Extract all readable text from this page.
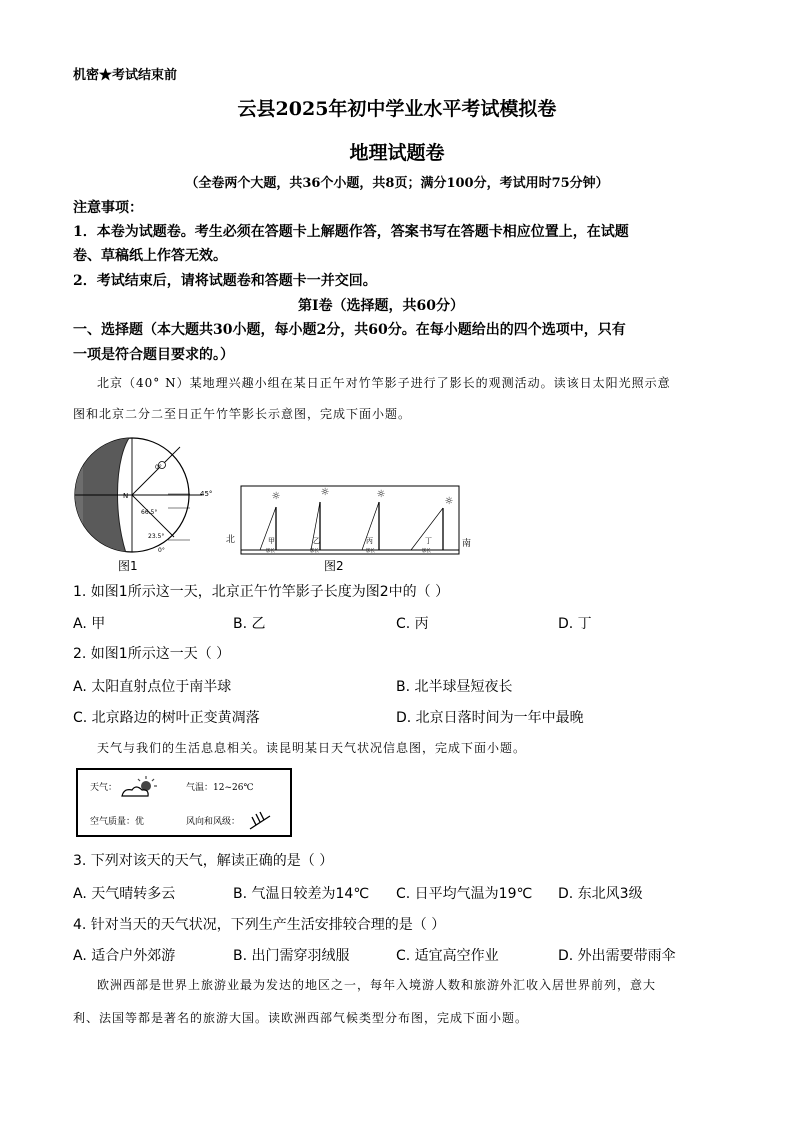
机密★考试结束前
云县2025年初中学业水平考试模拟卷
地理试题卷
（全卷两个大题，共36个小题，共8页；满分100分，考试用时75分钟）
注意事项：
1．本卷为试题卷。考生必须在答题卡上解题作答，答案书写在答题卡相应位置上，在试题
卷、草稿纸上作答无效。
2．考试结束后，请将试题卷和答题卡一并交回。
第Ⅰ卷（选择题，共60分）
一、选择题（本大题共30小题，每小题2分，共60分。在每小题给出的四个选项中，只有
一项是符合题目要求的。）
北京（40° N）某地理兴趣小组在某日正午对竹竿影子进行了影长的观测活动。读该日太阳光照示意
图和北京二分二至日正午竹竿影长示意图，完成下面小题。
0°
45°
N
66.5°
23.5°
0°
图1
☼	☼	☼
☼
甲
影长
乙
影长
丙
影长
丁
影长
北	南
图2
1. 如图1所示这一天，北京正午竹竿影子长度为图2中的（ ）
A. 甲	B. 乙	C. 丙	D. 丁
2. 如图1所示这一天（ ）
A. 太阳直射点位于南半球	B. 北半球昼短夜长
C. 北京路边的树叶正变黄凋落	D. 北京日落时间为一年中最晚
天气与我们的生活息息相关。读昆明某日天气状况信息图，完成下面小题。
天气：	气温：12~26℃
空气质量：优	风向和风级：
3. 下列对该天的天气，解读正确的是（ ）
A. 天气晴转多云	B. 气温日较差为14℃ C. 日平均气温为19℃ D. 东北风3级
4. 针对当天的天气状况，下列生产生活安排较合理的是（ ）
A. 适合户外郊游	B. 出门需穿羽绒服	C. 适宜高空作业	D. 外出需要带雨伞
欧洲西部是世界上旅游业最为发达的地区之一，每年入境游人数和旅游外汇收入居世界前列，意大
利、法国等都是著名的旅游大国。读欧洲西部气候类型分布图，完成下面小题。
